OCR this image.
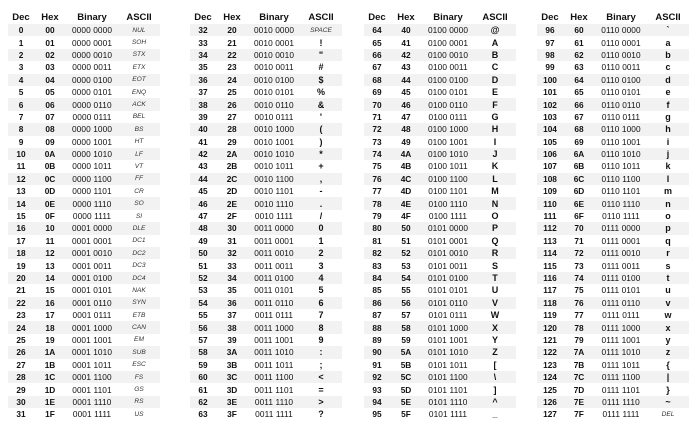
Dec	Hex	Binary	ASCII
0	00	0000 0000	NUL
1	01	0000 0001	SOH
2	02	0000 0010	STX
3	03	0000 0011	ETX
4	04	0000 0100	EOT
5	05	0000 0101	ENQ
6	06	0000 0110	ACK
7	07	0000 0111	BEL
8	08	0000 1000	BS
9	09	0000 1001	HT
10	0A	0000 1010	LF
11	0B	0000 1011	VT
12	0C	0000 1100	FF
13	0D	0000 1101	CR
14	0E	0000 1110	SO
15	0F	0000 1111	SI
16	10	0001 0000	DLE
17	11	0001 0001	DC1
18	12	0001 0010	DC2
19	13	0001 0011	DC3
20	14	0001 0100	DC4
21	15	0001 0101	NAK
22	16	0001 0110	SYN
23	17	0001 0111	ETB
24	18	0001 1000	CAN
25	19	0001 1001	EM
26	1A	0001 1010	SUB
27	1B	0001 1011	ESC
28	1C	0001 1100	FS
29	1D	0001 1101	GS
30	1E	0001 1110	RS
31	1F	0001 1111	US
Dec	Hex	Binary	ASCII
32	20	0010 0000	SPACE
33	21	0010 0001	!
34	22	0010 0010	"
35	23	0010 0011	#
36	24	0010 0100	$
37	25	0010 0101	%
38	26	0010 0110	&
39	27	0010 0111	'
40	28	0010 1000	(
41	29	0010 1001	)
42	2A	0010 1010	*
43	2B	0010 1011	+
44	2C	0010 1100	,
45	2D	0010 1101	-
46	2E	0010 1110	.
47	2F	0010 1111	/
48	30	0011 0000	0
49	31	0011 0001	1
50	32	0011 0010	2
51	33	0011 0011	3
52	34	0011 0100	4
53	35	0011 0101	5
54	36	0011 0110	6
55	37	0011 0111	7
56	38	0011 1000	8
57	39	0011 1001	9
58	3A	0011 1010	:
59	3B	0011 1011	;
60	3C	0011 1100	<
61	3D	0011 1101	=
62	3E	0011 1110	>
63	3F	0011 1111	?
Dec	Hex	Binary	ASCII
64	40	0100 0000	@
65	41	0100 0001	A
66	42	0100 0010	B
67	43	0100 0011	C
68	44	0100 0100	D
69	45	0100 0101	E
70	46	0100 0110	F
71	47	0100 0111	G
72	48	0100 1000	H
73	49	0100 1001	I
74	4A	0100 1010	J
75	4B	0100 1011	K
76	4C	0100 1100	L
77	4D	0100 1101	M
78	4E	0100 1110	N
79	4F	0100 1111	O
80	50	0101 0000	P
81	51	0101 0001	Q
82	52	0101 0010	R
83	53	0101 0011	S
84	54	0101 0100	T
85	55	0101 0101	U
86	56	0101 0110	V
87	57	0101 0111	W
88	58	0101 1000	X
89	59	0101 1001	Y
90	5A	0101 1010	Z
91	5B	0101 1011	[
92	5C	0101 1100	\
93	5D	0101 1101	]
94	5E	0101 1110	^
95	5F	0101 1111	_
Dec	Hex	Binary	ASCII
96	60	0110 0000	`
97	61	0110 0001	a
98	62	0110 0010	b
99	63	0110 0011	c
100	64	0110 0100	d
101	65	0110 0101	e
102	66	0110 0110	f
103	67	0110 0111	g
104	68	0110 1000	h
105	69	0110 1001	i
106	6A	0110 1010	j
107	6B	0110 1011	k
108	6C	0110 1100	l
109	6D	0110 1101	m
110	6E	0110 1110	n
111	6F	0110 1111	o
112	70	0111 0000	p
113	71	0111 0001	q
114	72	0111 0010	r
115	73	0111 0011	s
116	74	0111 0100	t
117	75	0111 0101	u
118	76	0111 0110	v
119	77	0111 0111	w
120	78	0111 1000	x
121	79	0111 1001	y
122	7A	0111 1010	z
123	7B	0111 1011	{
124	7C	0111 1100	|
125	7D	0111 1101	}
126	7E	0111 1110	~
127	7F	0111 1111	DEL
